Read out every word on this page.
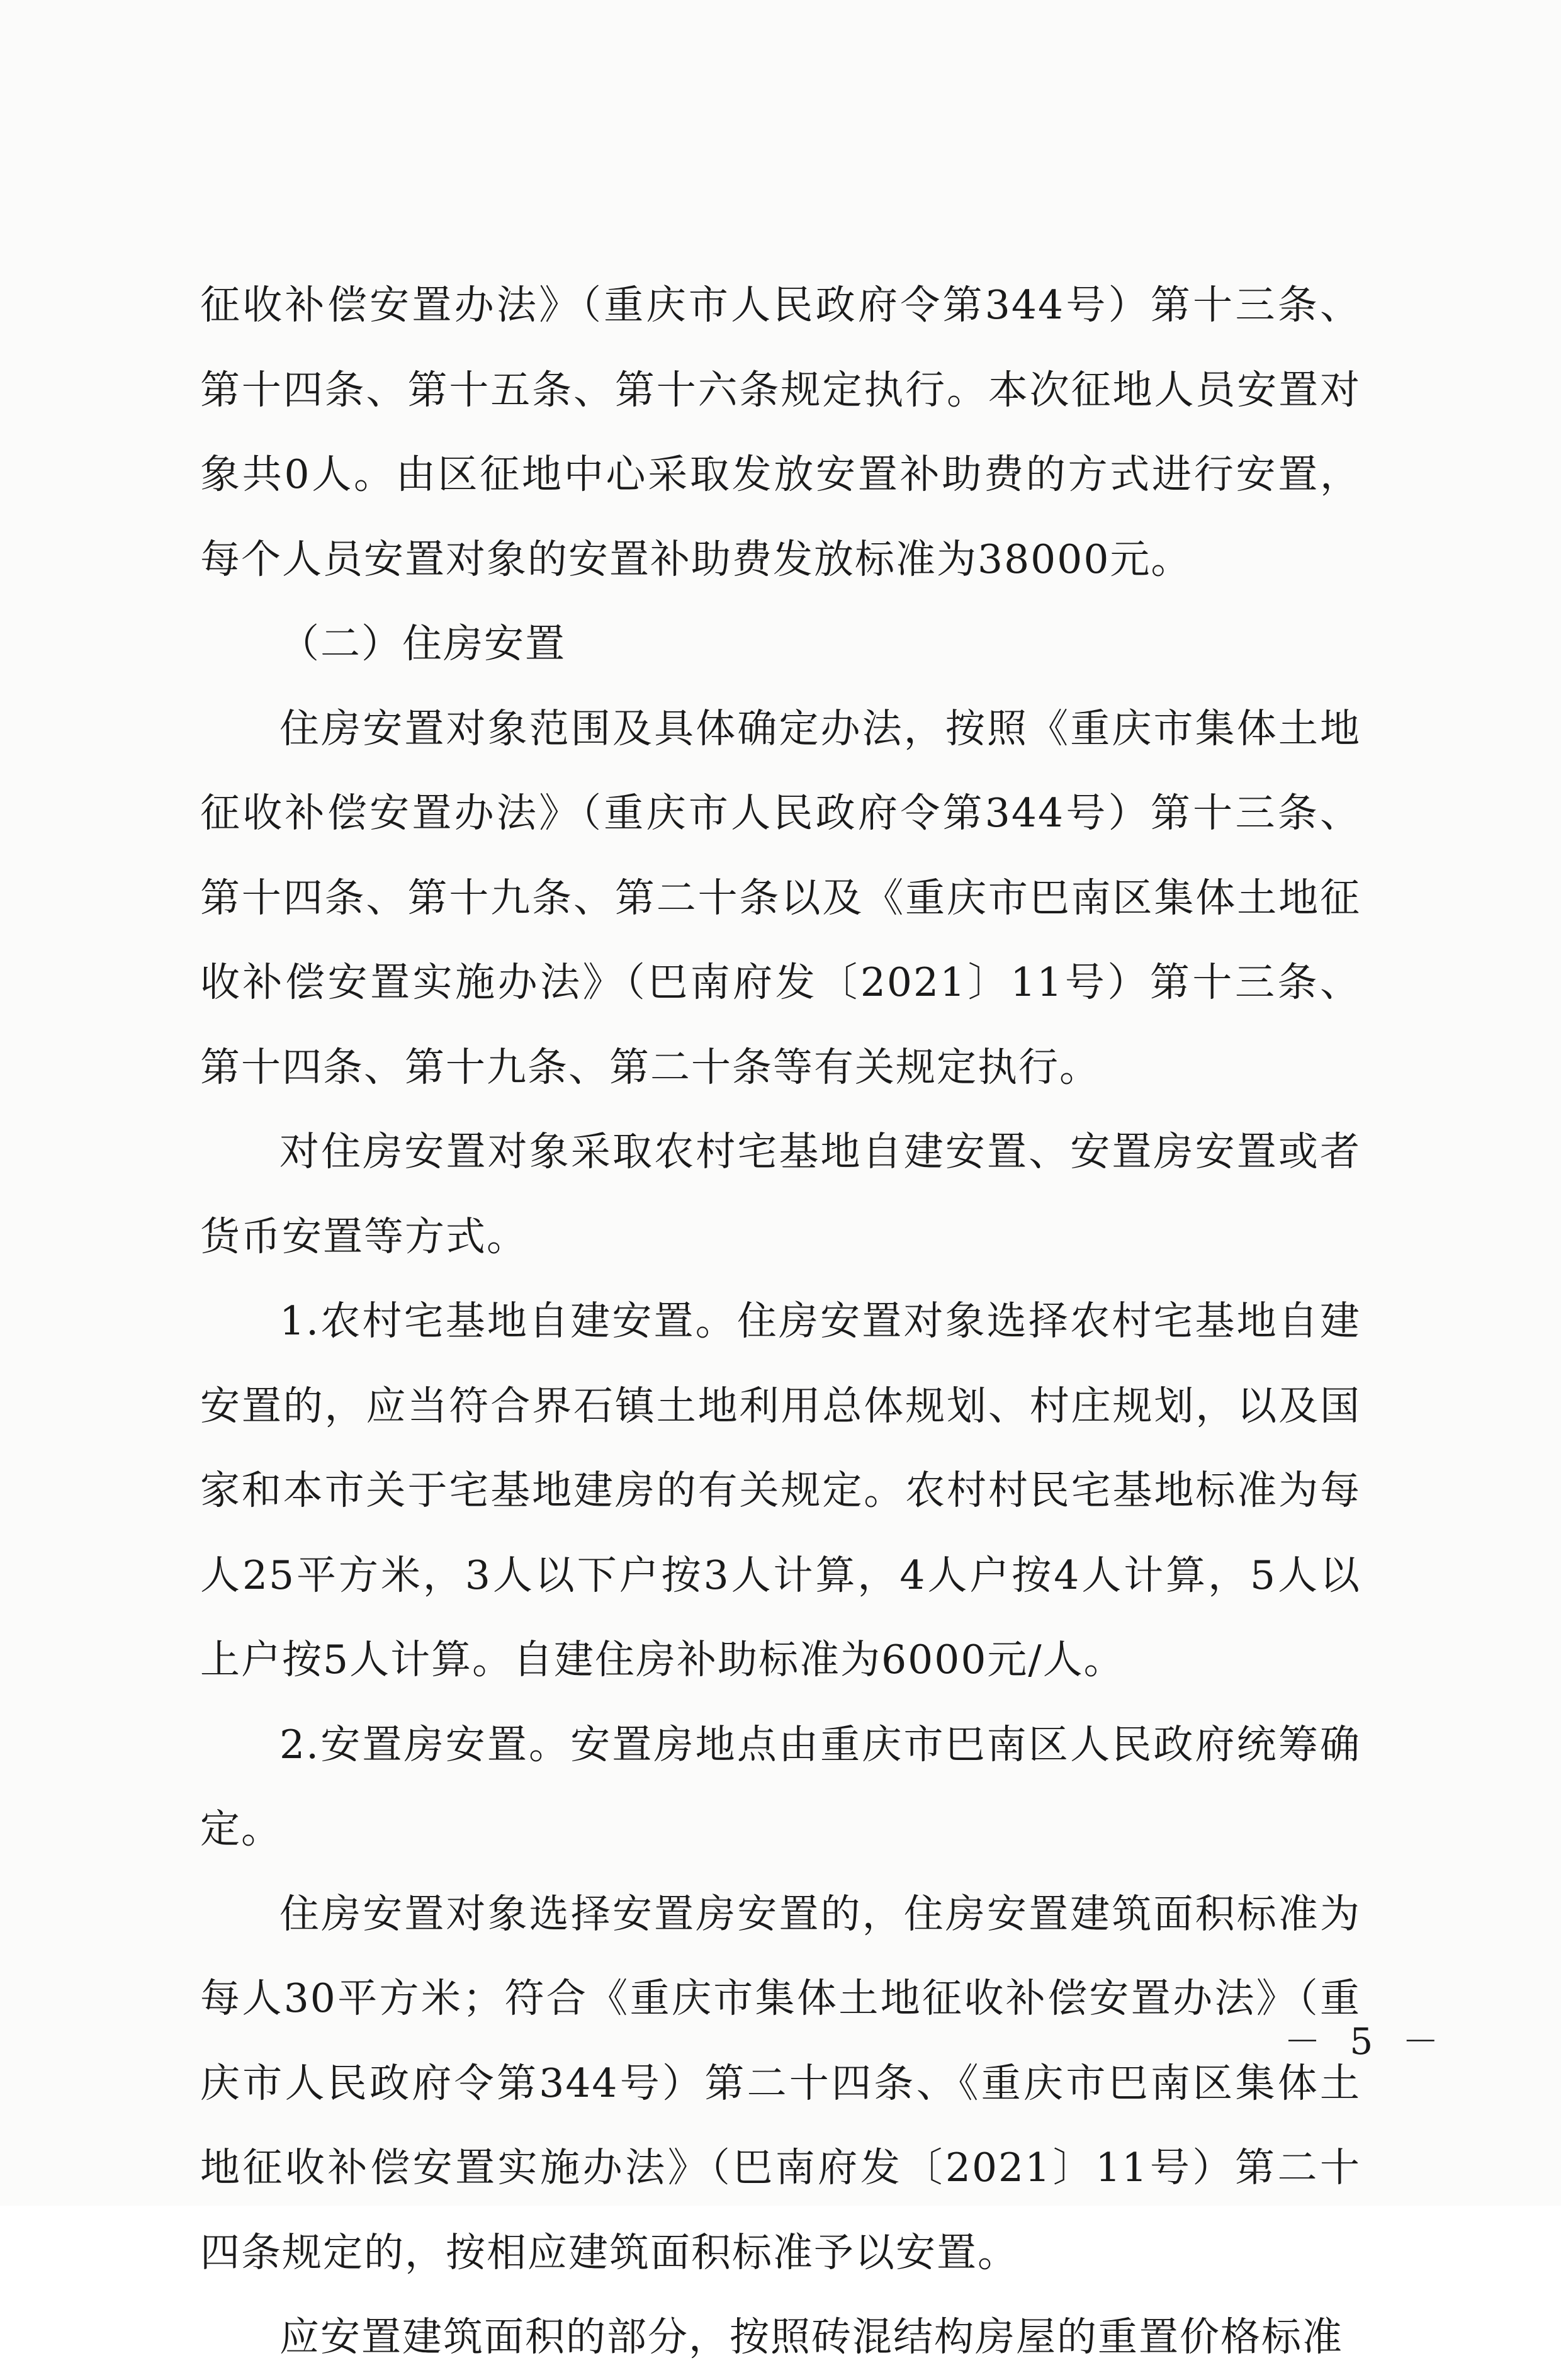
征收补偿安置办法》（重庆市人民政府令第344号）第十三条、第十四条、第十五条、第十六条规定执行。本次征地人员安置对象共0人。由区征地中心采取发放安置补助费的方式进行安置，每个人员安置对象的安置补助费发放标准为38000元。

（二）住房安置

住房安置对象范围及具体确定办法，按照《重庆市集体土地征收补偿安置办法》（重庆市人民政府令第344号）第十三条、第十四条、第十九条、第二十条以及《重庆市巴南区集体土地征收补偿安置实施办法》（巴南府发〔2021〕11号）第十三条、第十四条、第十九条、第二十条等有关规定执行。

对住房安置对象采取农村宅基地自建安置、安置房安置或者货币安置等方式。

1.农村宅基地自建安置。住房安置对象选择农村宅基地自建安置的，应当符合界石镇土地利用总体规划、村庄规划，以及国家和本市关于宅基地建房的有关规定。农村村民宅基地标准为每人25平方米，3人以下户按3人计算，4人户按4人计算，5人以上户按5人计算。自建住房补助标准为6000元/人。

2.安置房安置。安置房地点由重庆市巴南区人民政府统筹确定。

住房安置对象选择安置房安置的，住房安置建筑面积标准为每人30平方米；符合《重庆市集体土地征收补偿安置办法》（重庆市人民政府令第344号）第二十四条、《重庆市巴南区集体土地征收补偿安置实施办法》（巴南府发〔2021〕11号）第二十四条规定的，按相应建筑面积标准予以安置。

应安置建筑面积的部分，按照砖混结构房屋的重置价格标准

－ 5 －
